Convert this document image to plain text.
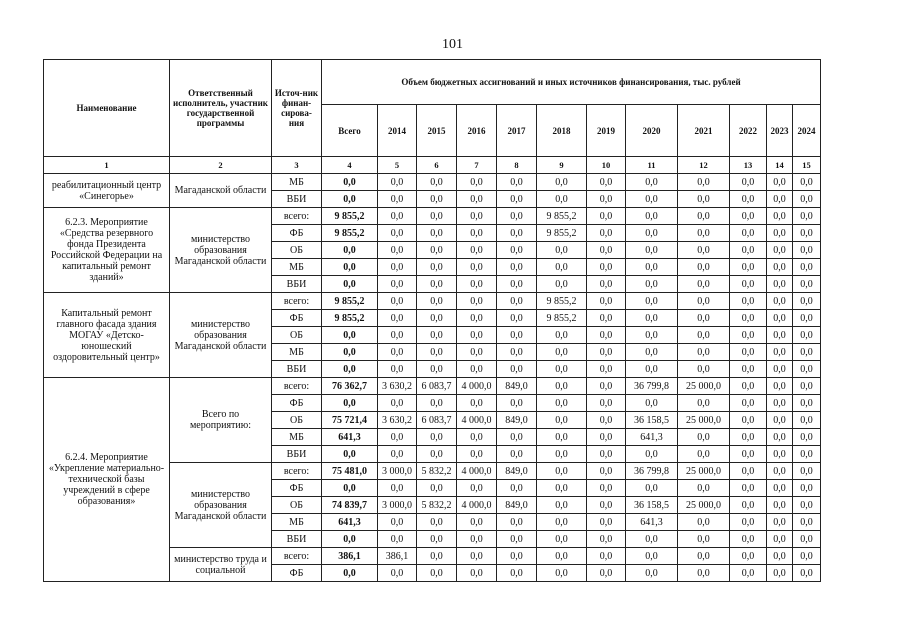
101
Наименование	Ответственный исполнитель, участник государственной программы	Источ-ник финан-сирова-ния	Объем бюджетных ассигнований и иных источников финансирования, тыс. рублей											
			Всего	2014	2015	2016	2017	2018	2019	2020	2021	2022	2023	2024
1	2	3	4	5	6	7	8	9	10	11	12	13	14	15
реабилитационный центр «Синегорье»	Магаданской области	МБ	0,0	0,0	0,0	0,0	0,0	0,0	0,0	0,0	0,0	0,0	0,0	0,0
		ВБИ	0,0	0,0	0,0	0,0	0,0	0,0	0,0	0,0	0,0	0,0	0,0	0,0
6.2.3. Мероприятие «Средства резервного фонда Президента Российской Федерации на капитальный ремонт зданий»	министерство образования Магаданской области	всего:	9 855,2	0,0	0,0	0,0	0,0	9 855,2	0,0	0,0	0,0	0,0	0,0	0,0
		ФБ	9 855,2	0,0	0,0	0,0	0,0	9 855,2	0,0	0,0	0,0	0,0	0,0	0,0
		ОБ	0,0	0,0	0,0	0,0	0,0	0,0	0,0	0,0	0,0	0,0	0,0	0,0
		МБ	0,0	0,0	0,0	0,0	0,0	0,0	0,0	0,0	0,0	0,0	0,0	0,0
		ВБИ	0,0	0,0	0,0	0,0	0,0	0,0	0,0	0,0	0,0	0,0	0,0	0,0
Капитальный ремонт главного фасада здания МОГАУ «Детско-юношеский оздоровительный центр»	министерство образования Магаданской области	всего:	9 855,2	0,0	0,0	0,0	0,0	9 855,2	0,0	0,0	0,0	0,0	0,0	0,0
		ФБ	9 855,2	0,0	0,0	0,0	0,0	9 855,2	0,0	0,0	0,0	0,0	0,0	0,0
		ОБ	0,0	0,0	0,0	0,0	0,0	0,0	0,0	0,0	0,0	0,0	0,0	0,0
		МБ	0,0	0,0	0,0	0,0	0,0	0,0	0,0	0,0	0,0	0,0	0,0	0,0
		ВБИ	0,0	0,0	0,0	0,0	0,0	0,0	0,0	0,0	0,0	0,0	0,0	0,0
6.2.4. Мероприятие «Укрепление материально-технической базы учреждений в сфере образования»	Всего по мероприятию:	всего:	76 362,7	3 630,2	6 083,7	4 000,0	849,0	0,0	0,0	36 799,8	25 000,0	0,0	0,0	0,0
		ФБ	0,0	0,0	0,0	0,0	0,0	0,0	0,0	0,0	0,0	0,0	0,0	0,0
		ОБ	75 721,4	3 630,2	6 083,7	4 000,0	849,0	0,0	0,0	36 158,5	25 000,0	0,0	0,0	0,0
		МБ	641,3	0,0	0,0	0,0	0,0	0,0	0,0	641,3	0,0	0,0	0,0	0,0
		ВБИ	0,0	0,0	0,0	0,0	0,0	0,0	0,0	0,0	0,0	0,0	0,0	0,0
	министерство образования Магаданской области	всего:	75 481,0	3 000,0	5 832,2	4 000,0	849,0	0,0	0,0	36 799,8	25 000,0	0,0	0,0	0,0
		ФБ	0,0	0,0	0,0	0,0	0,0	0,0	0,0	0,0	0,0	0,0	0,0	0,0
		ОБ	74 839,7	3 000,0	5 832,2	4 000,0	849,0	0,0	0,0	36 158,5	25 000,0	0,0	0,0	0,0
		МБ	641,3	0,0	0,0	0,0	0,0	0,0	0,0	641,3	0,0	0,0	0,0	0,0
		ВБИ	0,0	0,0	0,0	0,0	0,0	0,0	0,0	0,0	0,0	0,0	0,0	0,0
	министерство труда и социальной	всего:	386,1	386,1	0,0	0,0	0,0	0,0	0,0	0,0	0,0	0,0	0,0	0,0
		ФБ	0,0	0,0	0,0	0,0	0,0	0,0	0,0	0,0	0,0	0,0	0,0	0,0
